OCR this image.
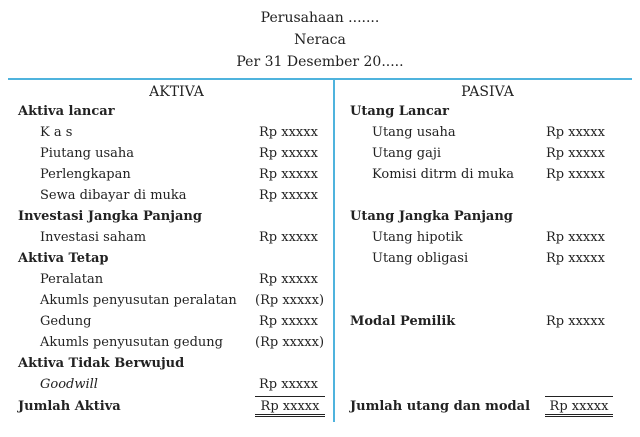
Perusahaan .......
Neraca
Per 31 Desember 20.....
AKTIVA	PASIVA
Aktiva lancar
K a s	Rp xxxxx
Piutang usaha	Rp xxxxx
Perlengkapan	Rp xxxxx
Sewa dibayar di muka	Rp xxxxx
Investasi Jangka Panjang
Investasi saham	Rp xxxxx
Aktiva Tetap
Peralatan	Rp xxxxx
Akumls penyusutan peralatan (Rp xxxxx)
Gedung	Rp xxxxx
Akumls penyusutan gedung (Rp xxxxx)
Aktiva Tidak Berwujud
Goodwill	Rp xxxxx
Jumlah Aktiva	Rp xxxxx
Utang Lancar
Utang usaha	Rp xxxxx
Utang gaji	Rp xxxxx
Komisi ditrm di muka Rp xxxxx
Utang Jangka Panjang
Utang hipotik	Rp xxxxx
Utang obligasi	Rp xxxxx
Modal Pemilik	Rp xxxxx
Jumlah utang dan modal	Rp xxxxx
